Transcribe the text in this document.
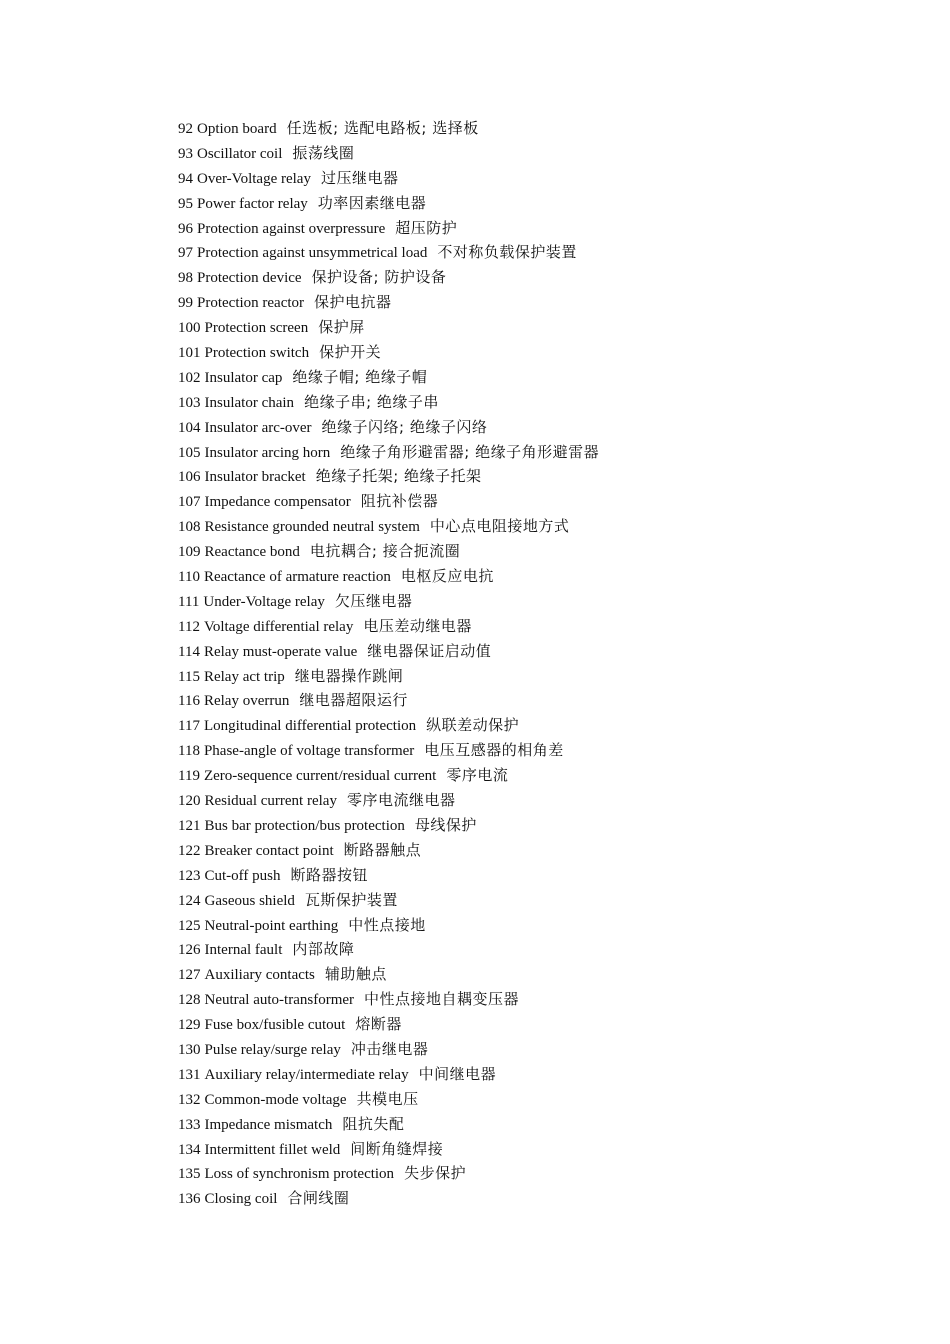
92 Option board 任选板; 选配电路板; 选择板
93 Oscillator coil 振荡线圈
94 Over-Voltage relay 过压继电器
95 Power factor relay 功率因素继电器
96 Protection against overpressure 超压防护
97 Protection against unsymmetrical load 不对称负载保护装置
98 Protection device 保护设备; 防护设备
99 Protection reactor 保护电抗器
100 Protection screen 保护屏
101 Protection switch 保护开关
102 Insulator cap 绝缘子帽; 绝缘子帽
103 Insulator chain 绝缘子串; 绝缘子串
104 Insulator arc-over 绝缘子闪络; 绝缘子闪络
105 Insulator arcing horn 绝缘子角形避雷器; 绝缘子角形避雷器
106 Insulator bracket 绝缘子托架; 绝缘子托架
107 Impedance compensator 阻抗补偿器
108 Resistance grounded neutral system 中心点电阻接地方式
109 Reactance bond 电抗耦合; 接合扼流圈
110 Reactance of armature reaction 电枢反应电抗
111 Under-Voltage relay 欠压继电器
112 Voltage differential relay 电压差动继电器
114 Relay must-operate value 继电器保证启动值
115 Relay act trip 继电器操作跳闸
116 Relay overrun 继电器超限运行
117 Longitudinal differential protection 纵联差动保护
118 Phase-angle of voltage transformer 电压互感器的相角差
119 Zero-sequence current/residual current 零序电流
120 Residual current relay 零序电流继电器
121 Bus bar protection/bus protection 母线保护
122 Breaker contact point 断路器触点
123 Cut-off push 断路器按钮
124 Gaseous shield 瓦斯保护装置
125 Neutral-point earthing 中性点接地
126 Internal fault 内部故障
127 Auxiliary contacts 辅助触点
128 Neutral auto-transformer 中性点接地自耦变压器
129 Fuse box/fusible cutout 熔断器
130 Pulse relay/surge relay 冲击继电器
131 Auxiliary relay/intermediate relay 中间继电器
132 Common-mode voltage 共模电压
133 Impedance mismatch 阻抗失配
134 Intermittent fillet weld 间断角缝焊接
135 Loss of synchronism protection 失步保护
136 Closing coil 合闸线圈
